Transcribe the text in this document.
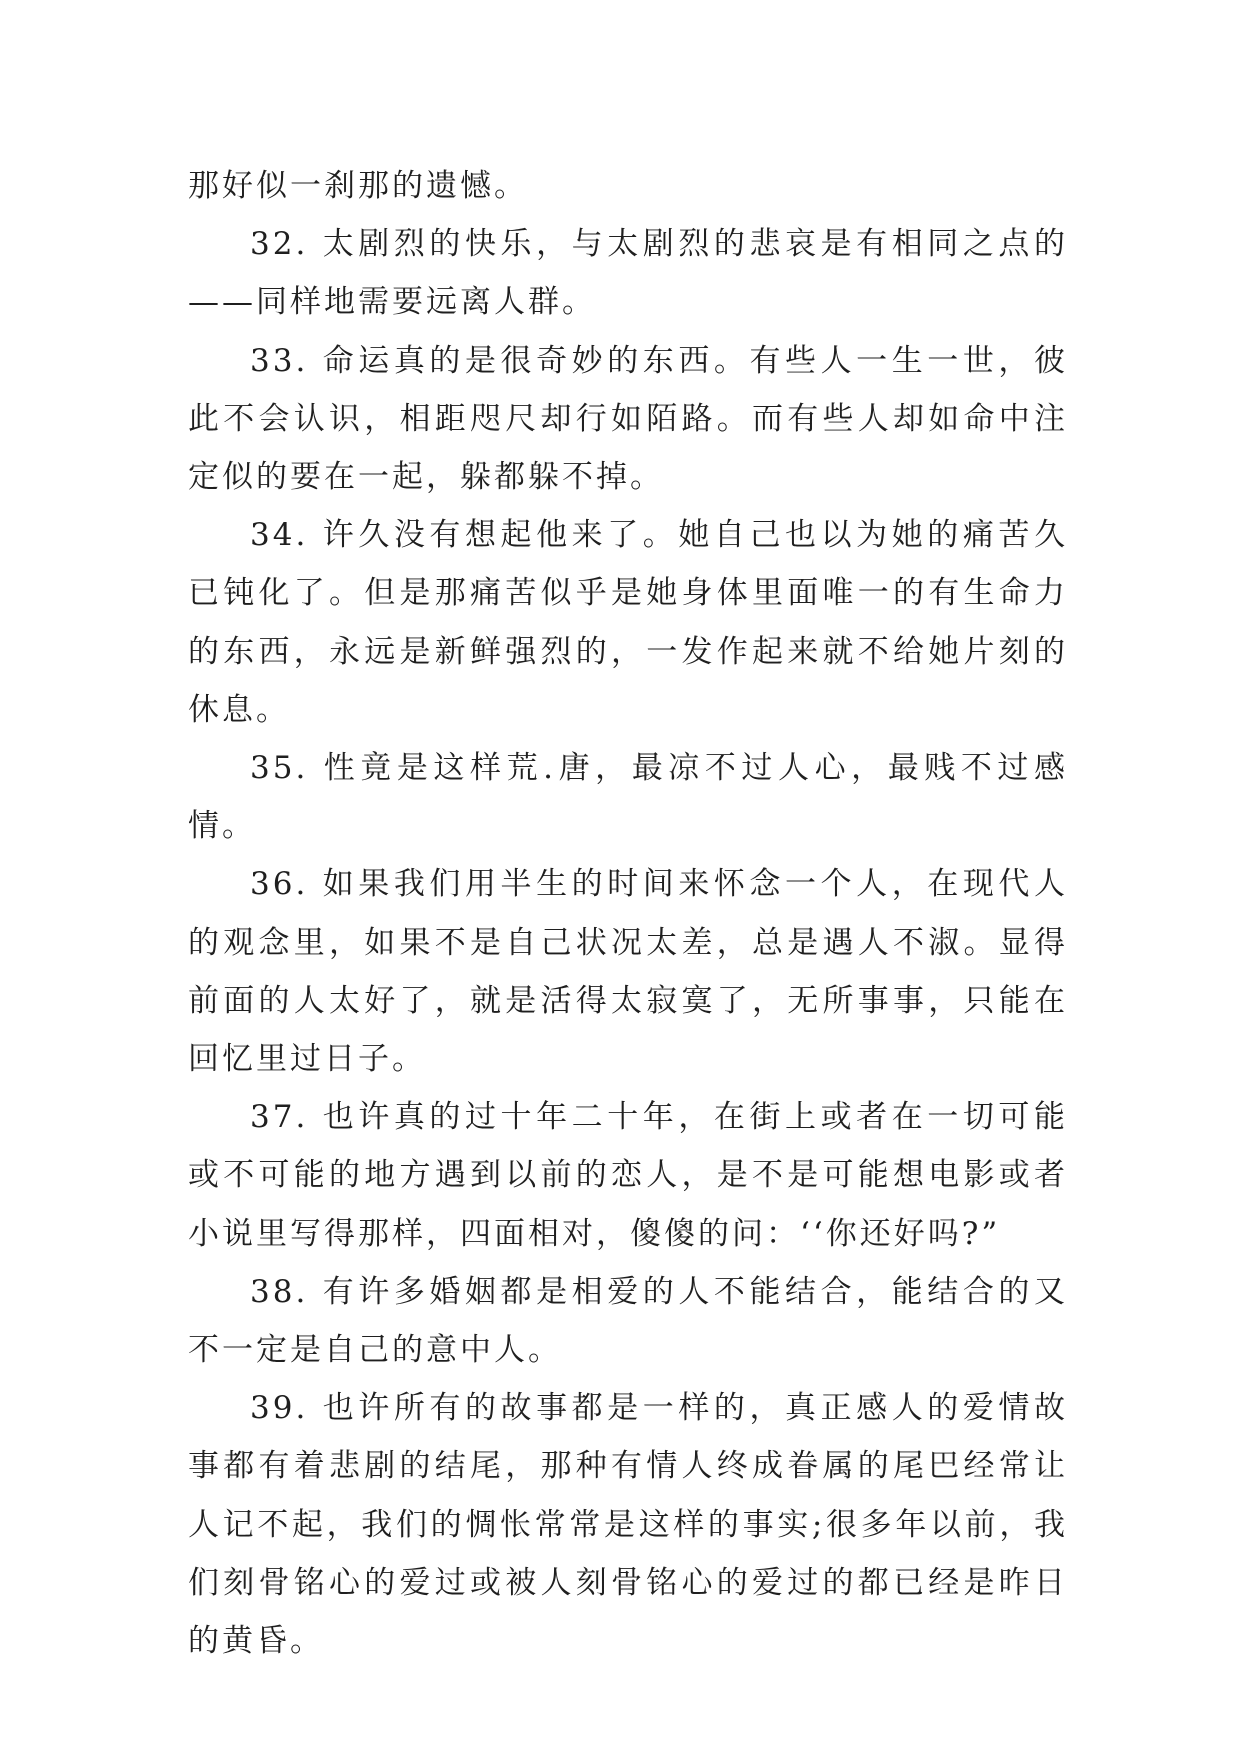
那好似一刹那的遗憾。

32. 太剧烈的快乐，与太剧烈的悲哀是有相同之点的——同样地需要远离人群。

33. 命运真的是很奇妙的东西。有些人一生一世，彼此不会认识，相距咫尺却行如陌路。而有些人却如命中注定似的要在一起，躲都躲不掉。

34. 许久没有想起他来了。她自己也以为她的痛苦久已钝化了。但是那痛苦似乎是她身体里面唯一的有生命力的东西，永远是新鲜强烈的，一发作起来就不给她片刻的休息。

35. 性竟是这样荒.唐，最凉不过人心，最贱不过感情。

36. 如果我们用半生的时间来怀念一个人，在现代人的观念里，如果不是自己状况太差，总是遇人不淑。显得前面的人太好了，就是活得太寂寞了，无所事事，只能在回忆里过日子。

37. 也许真的过十年二十年，在街上或者在一切可能或不可能的地方遇到以前的恋人，是不是可能想电影或者小说里写得那样，四面相对，傻傻的问：‘‘你还好吗?”

38. 有许多婚姻都是相爱的人不能结合，能结合的又不一定是自己的意中人。

39. 也许所有的故事都是一样的，真正感人的爱情故事都有着悲剧的结尾，那种有情人终成眷属的尾巴经常让人记不起，我们的惆怅常常是这样的事实;很多年以前，我们刻骨铭心的爱过或被人刻骨铭心的爱过的都已经是昨日的黄昏。
